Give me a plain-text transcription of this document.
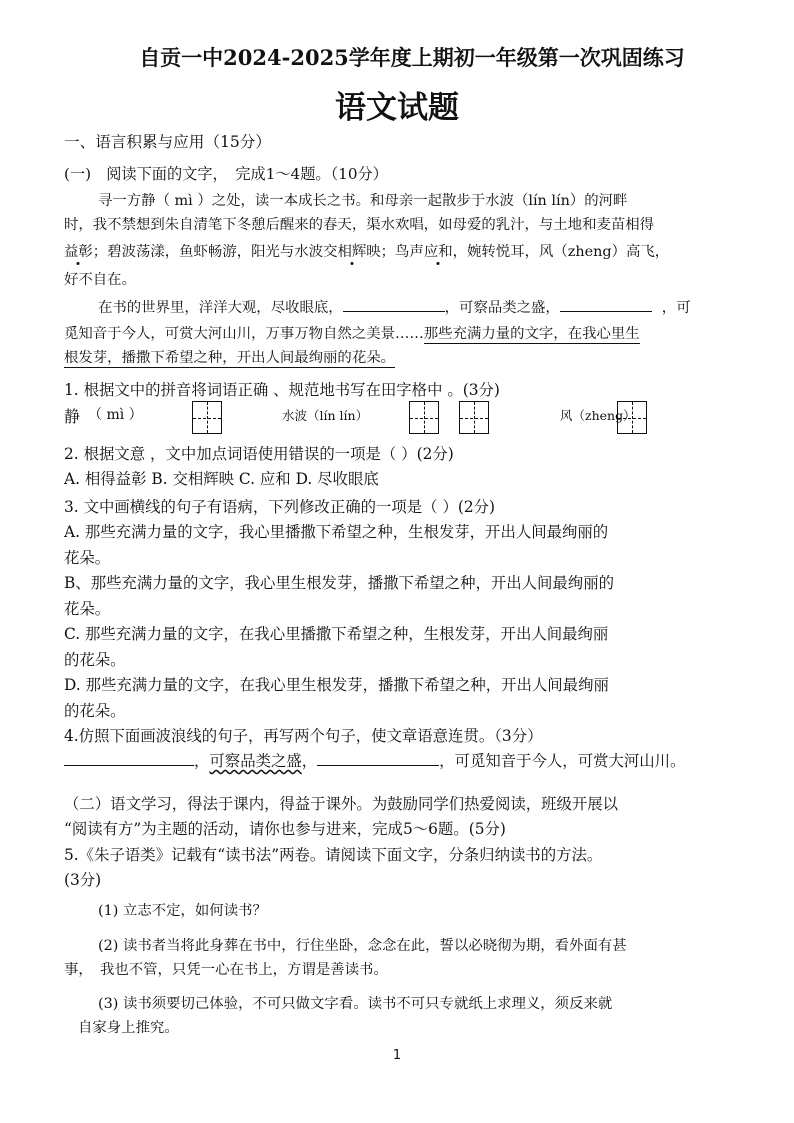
自贡一中2024-2025学年度上期初一年级第一次巩固练习
语文试题
一、语言积累与应用（15分）
(一)　阅读下面的文字，　完成1～4题。（10分）
寻一方静（ mì ）之处，读一本成长之书。和母亲一起散步于水波（lín lín）的河畔
时，我不禁想到朱自清笔下冬憩后醒来的春天，渠水欢唱，如母爱的乳汁，与土地和麦苗相得
益彰；碧波荡漾，鱼虾畅游，阳光与水波交相辉映；鸟声应和，婉转悦耳，风（zheng）高飞，
好不自在。
在书的世界里，洋洋大观，尽收眼底，	，可察品类之盛，	，可
觅知音于今人，可赏大河山川，万事万物自然之美景……那些充满力量的文字，在我心里生
根发芽，播撒下希望之种，开出人间最绚丽的花朵。
1. 根据文中的拼音将词语正确 、规范地书写在田字格中 。(3分)
静 （ mì ）	水波（lín lín）	风（zheng）
2. 根据文意 ，文中加点词语使用错误的一项是（ ）(2分)
A. 相得益彰 B. 交相辉映 C. 应和 D. 尽收眼底
3. 文中画横线的句子有语病，下列修改正确的一项是（ ）(2分)
A. 那些充满力量的文字，我心里播撒下希望之种，生根发芽，开出人间最绚丽的
花朵。
B、那些充满力量的文字，我心里生根发芽，播撒下希望之种，开出人间最绚丽的
花朵。
C. 那些充满力量的文字，在我心里播撒下希望之种，生根发芽，开出人间最绚丽
的花朵。
D. 那些充满力量的文字，在我心里生根发芽，播撒下希望之种，开出人间最绚丽
的花朵。
4.仿照下面画波浪线的句子，再写两个句子，使文章语意连贯。（3分）
，可察品类之盛，	，可觅知音于今人，可赏大河山川。
（二）语文学习，得法于课内，得益于课外。为鼓励同学们热爱阅读，班级开展以
“阅读有方”为主题的活动，请你也参与进来，完成5～6题。(5分)
5.《朱子语类》记载有“读书法”两卷。请阅读下面文字，分条归纳读书的方法。
(3分)
(1) 立志不定，如何读书？
(2) 读书者当将此身葬在书中，行住坐卧，念念在此，誓以必晓彻为期，看外面有甚
事，　我也不管，只凭一心在书上，方谓是善读书。
(3) 读书须要切己体验，不可只做文字看。读书不可只专就纸上求理义，须反来就
自家身上推究。
1
